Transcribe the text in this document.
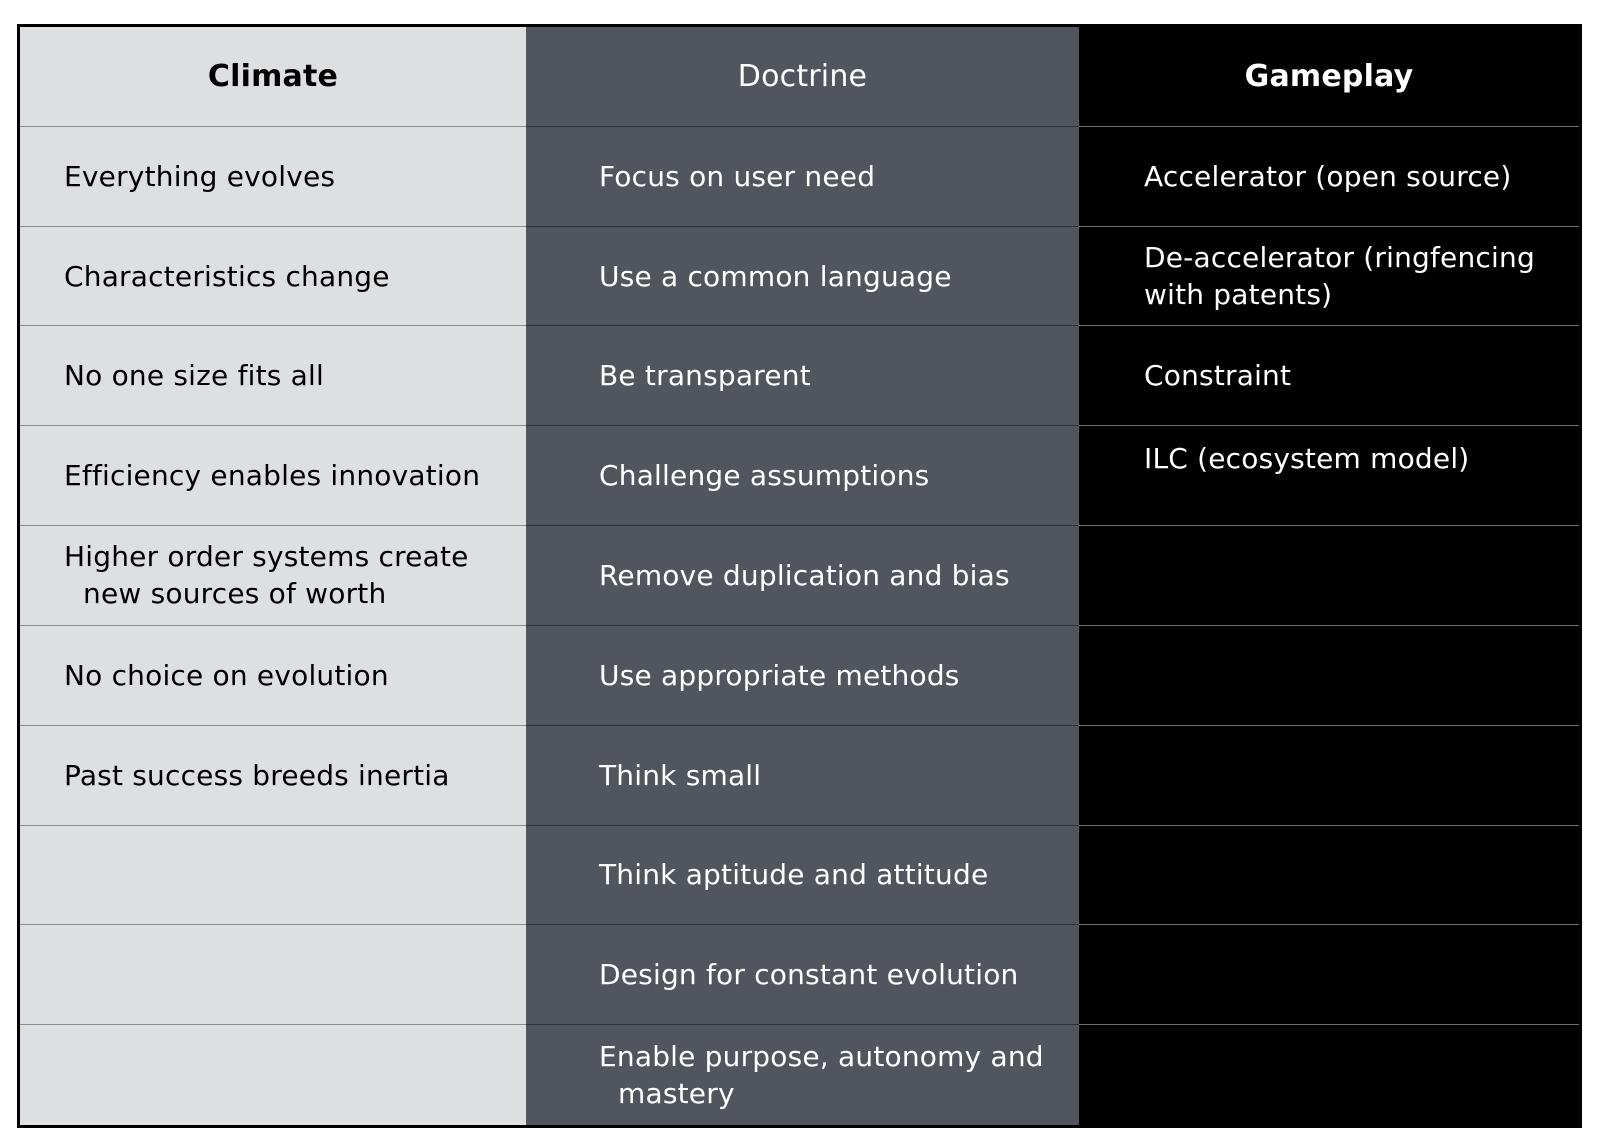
Climate
Everything evolves
Characteristics change
No one size fits all
Efficiency enables innovation
Higher order systems create new sources of worth
No choice on evolution
Past success breeds inertia
Doctrine
Focus on user need
Use a common language
Be transparent
Challenge assumptions
Remove duplication and bias
Use appropriate methods
Think small
Think aptitude and attitude
Design for constant evolution
Enable purpose, autonomy and mastery
Gameplay
Accelerator (open source)
De-accelerator (ringfencing with patents)
Constraint
ILC (ecosystem model)
